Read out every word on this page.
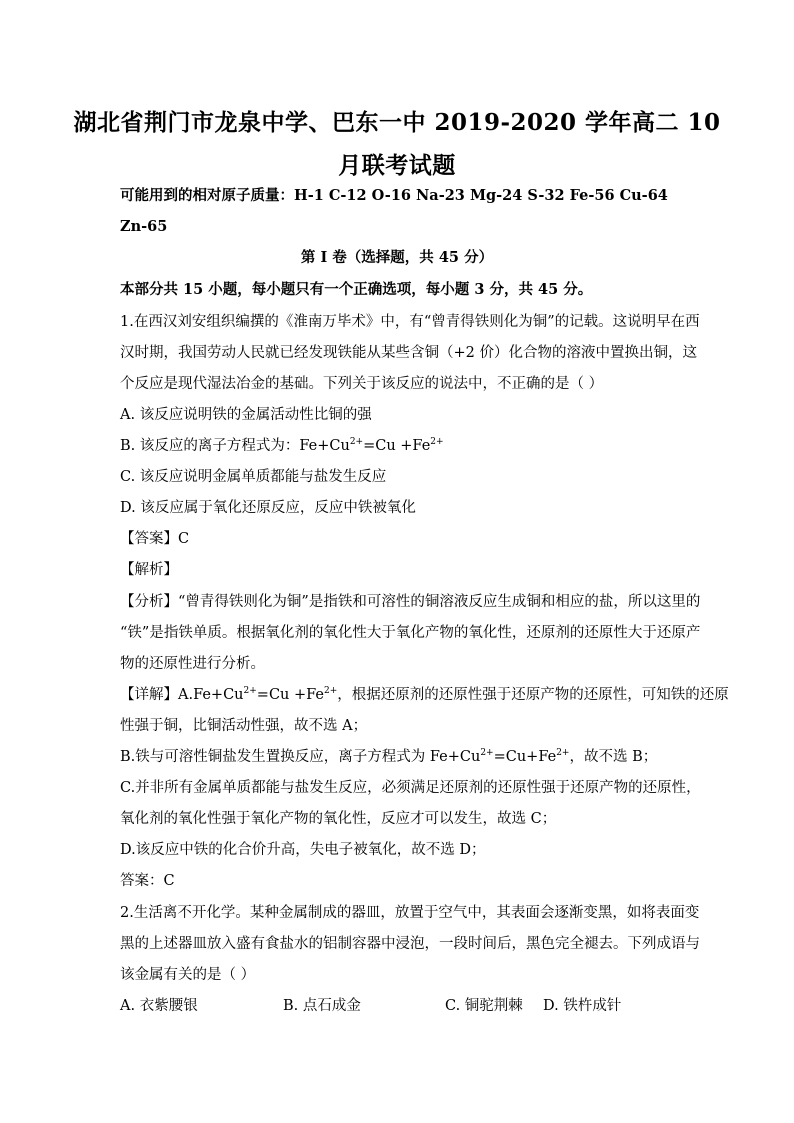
湖北省荆门市龙泉中学、巴东一中 2019-2020 学年高二 10
月联考试题
可能用到的相对原子质量：H-1 C-12 O-16 Na-23 Mg-24 S-32 Fe-56 Cu-64
Zn-65
第 I 卷（选择题，共 45 分）
本部分共 15 小题，每小题只有一个正确选项，每小题 3 分，共 45 分。
1.在西汉刘安组织编撰的《淮南万毕术》中，有“曾青得铁则化为铜”的记载。这说明早在西
汉时期，我国劳动人民就已经发现铁能从某些含铜（+2 价）化合物的溶液中置换出铜，这
个反应是现代湿法冶金的基础。下列关于该反应的说法中，不正确的是（ ）
A. 该反应说明铁的金属活动性比铜的强
B. 该反应的离子方程式为：$Fe+Cu^{2+}=Cu +Fe^{2+}$
C. 该反应说明金属单质都能与盐发生反应
D. 该反应属于氧化还原反应，反应中铁被氧化
【答案】C
【解析】
【分析】“曾青得铁则化为铜”是指铁和可溶性的铜溶液反应生成铜和相应的盐，所以这里的
“铁”是指铁单质。根据氧化剂的氧化性大于氧化产物的氧化性，还原剂的还原性大于还原产
物的还原性进行分析。
【详解】$A.Fe+Cu^{2+}=Cu +Fe^{2+}$，根据还原剂的还原性强于还原产物的还原性，可知铁的还原
性强于铜，比铜活动性强，故不选 A；
B.铁与可溶性铜盐发生置换反应，离子方程式为 $Fe+Cu^{2+}=Cu+Fe^{2+}$，故不选 B；
C.并非所有金属单质都能与盐发生反应，必须满足还原剂的还原性强于还原产物的还原性，
氧化剂的氧化性强于氧化产物的氧化性，反应才可以发生，故选 C；
D.该反应中铁的化合价升高，失电子被氧化，故不选 D；
答案：C
2.生活离不开化学。某种金属制成的器皿，放置于空气中，其表面会逐渐变黑，如将表面变
黑的上述器皿放入盛有食盐水的铝制容器中浸泡，一段时间后，黑色完全褪去。下列成语与
该金属有关的是（ ）
A. 衣紫腰银	B. 点石成金	C. 铜驼荆棘 D. 铁杵成针
